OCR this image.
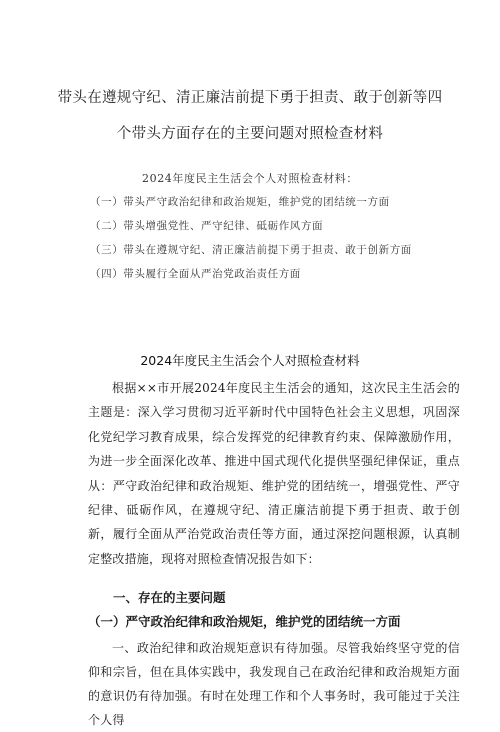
带头在遵规守纪、清正廉洁前提下勇于担责、敢于创新等四
个带头方面存在的主要问题对照检查材料
2024年度民主生活会个人对照检查材料：
（一）带头严守政治纪律和政治规矩，维护党的团结统一方面
（二）带头增强党性、严守纪律、砥砺作风方面
（三）带头在遵规守纪、清正廉洁前提下勇于担责、敢于创新方面
（四）带头履行全面从严治党政治责任方面
2024年度民主生活会个人对照检查材料

根据××市开展2024年度民主生活会的通知，这次民主生活会的主题是：深入学习贯彻习近平新时代中国特色社会主义思想，巩固深化党纪学习教育成果，综合发挥党的纪律教育约束、保障激励作用，为进一步全面深化改革、推进中国式现代化提供坚强纪律保证，重点从：严守政治纪律和政治规矩、维护党的团结统一，增强党性、严守纪律、砥砺作风，在遵规守纪、清正廉洁前提下勇于担责、敢于创新，履行全面从严治党政治责任等方面，通过深挖问题根源，认真制定整改措施，现将对照检查情况报告如下：

一、存在的主要问题

（一）严守政治纪律和政治规矩，维护党的团结统一方面

一、政治纪律和政治规矩意识有待加强。尽管我始终坚守党的信仰和宗旨，但在具体实践中，我发现自己在政治纪律和政治规矩方面的意识仍有待加强。有时在处理工作和个人事务时，我可能过于关注个人得
